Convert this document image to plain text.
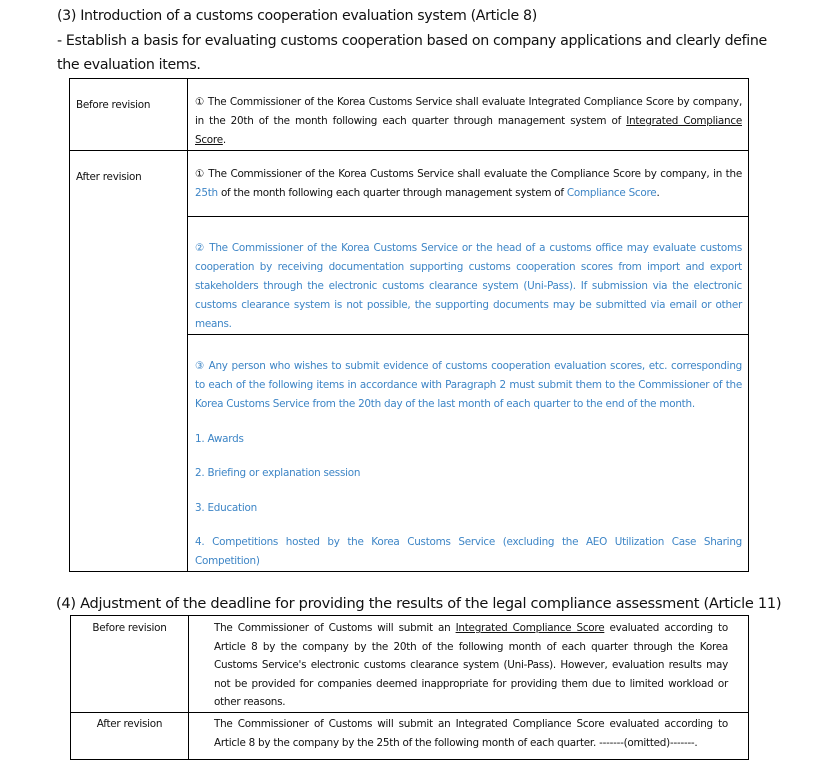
(3) Introduction of a customs cooperation evaluation system (Article 8)
- Establish a basis for evaluating customs cooperation based on company applications and clearly define
the evaluation items.
Before revision	① The Commissioner of the Korea Customs Service shall evaluate Integrated Compliance Score by company, in the 20th of the month following each quarter through management system of Integrated Compliance Score.
After revision	① The Commissioner of the Korea Customs Service shall evaluate the Compliance Score by company, in the 25th of the month following each quarter through management system of Compliance Score.
	② The Commissioner of the Korea Customs Service or the head of a customs office may evaluate customs cooperation by receiving documentation supporting customs cooperation scores from import and export stakeholders through the electronic customs clearance system (Uni-Pass). If submission via the electronic customs clearance system is not possible, the supporting documents may be submitted via email or other means.

	③ Any person who wishes to submit evidence of customs cooperation evaluation scores, etc. corresponding to each of the following items in accordance with Paragraph 2 must submit them to the Commissioner of the Korea Customs Service from the 20th day of the last month of each quarter to the end of the month.
1. Awards
2. Briefing or explanation session
3. Education
4. Competitions hosted by the Korea Customs Service (excluding the AEO Utilization Case Sharing Competition)
(4) Adjustment of the deadline for providing the results of the legal compliance assessment (Article 11)
Before revision	The Commissioner of Customs will submit an Integrated Compliance Score evaluated according to Article 8 by the company by the 20th of the following month of each quarter through the Korea Customs Service's electronic customs clearance system (Uni-Pass). However, evaluation results may not be provided for companies deemed inappropriate for providing them due to limited workload or other reasons.
After revision	The Commissioner of Customs will submit an Integrated Compliance Score evaluated according to Article 8 by the company by the 25th of the following month of each quarter. -------(omitted)-------.
